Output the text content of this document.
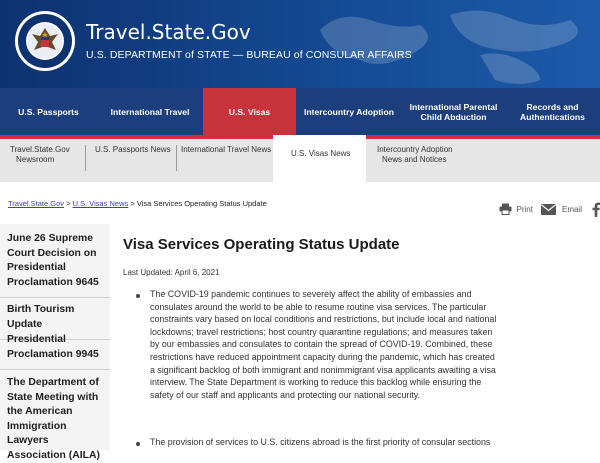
Travel.State.Gov
U.S. DEPARTMENT of STATE — BUREAU of CONSULAR AFFAIRS
U.S. Passports	International Travel	U.S. Visas	Intercountry Adoption International Parental
Child Abduction
Records and
Authentications
Travel.State.Gov
Newsroom
U.S. Passports News International Travel News	U.S. Visas News	Intercountry Adoption
News and Notices
Travel.State.Gov > U.S. Visas News > Visa Services Operating Status Update
Print	Email
June 26 Supreme
Court Decision on
Presidential
Proclamation 9645
Birth Tourism Update
Presidential
Proclamation 9945
The Department of
State Meeting with
the American
Immigration Lawyers
Association (AILA)
Visa Services Operating Status Update
Last Updated: April 6, 2021
The COVID-19 pandemic continues to severely affect the ability of embassies and
consulates around the world to be able to resume routine visa services. The particular
constraints vary based on local conditions and restrictions, but include local and national
lockdowns; travel restrictions; host country quarantine regulations; and measures taken
by our embassies and consulates to contain the spread of COVID-19. Combined, these
restrictions have reduced appointment capacity during the pandemic, which has created
a significant backlog of both immigrant and nonimmigrant visa applicants awaiting a visa
interview. The State Department is working to reduce this backlog while ensuring the
safety of our staff and applicants and protecting our national security.
The provision of services to U.S. citizens abroad is the first priority of consular sections
